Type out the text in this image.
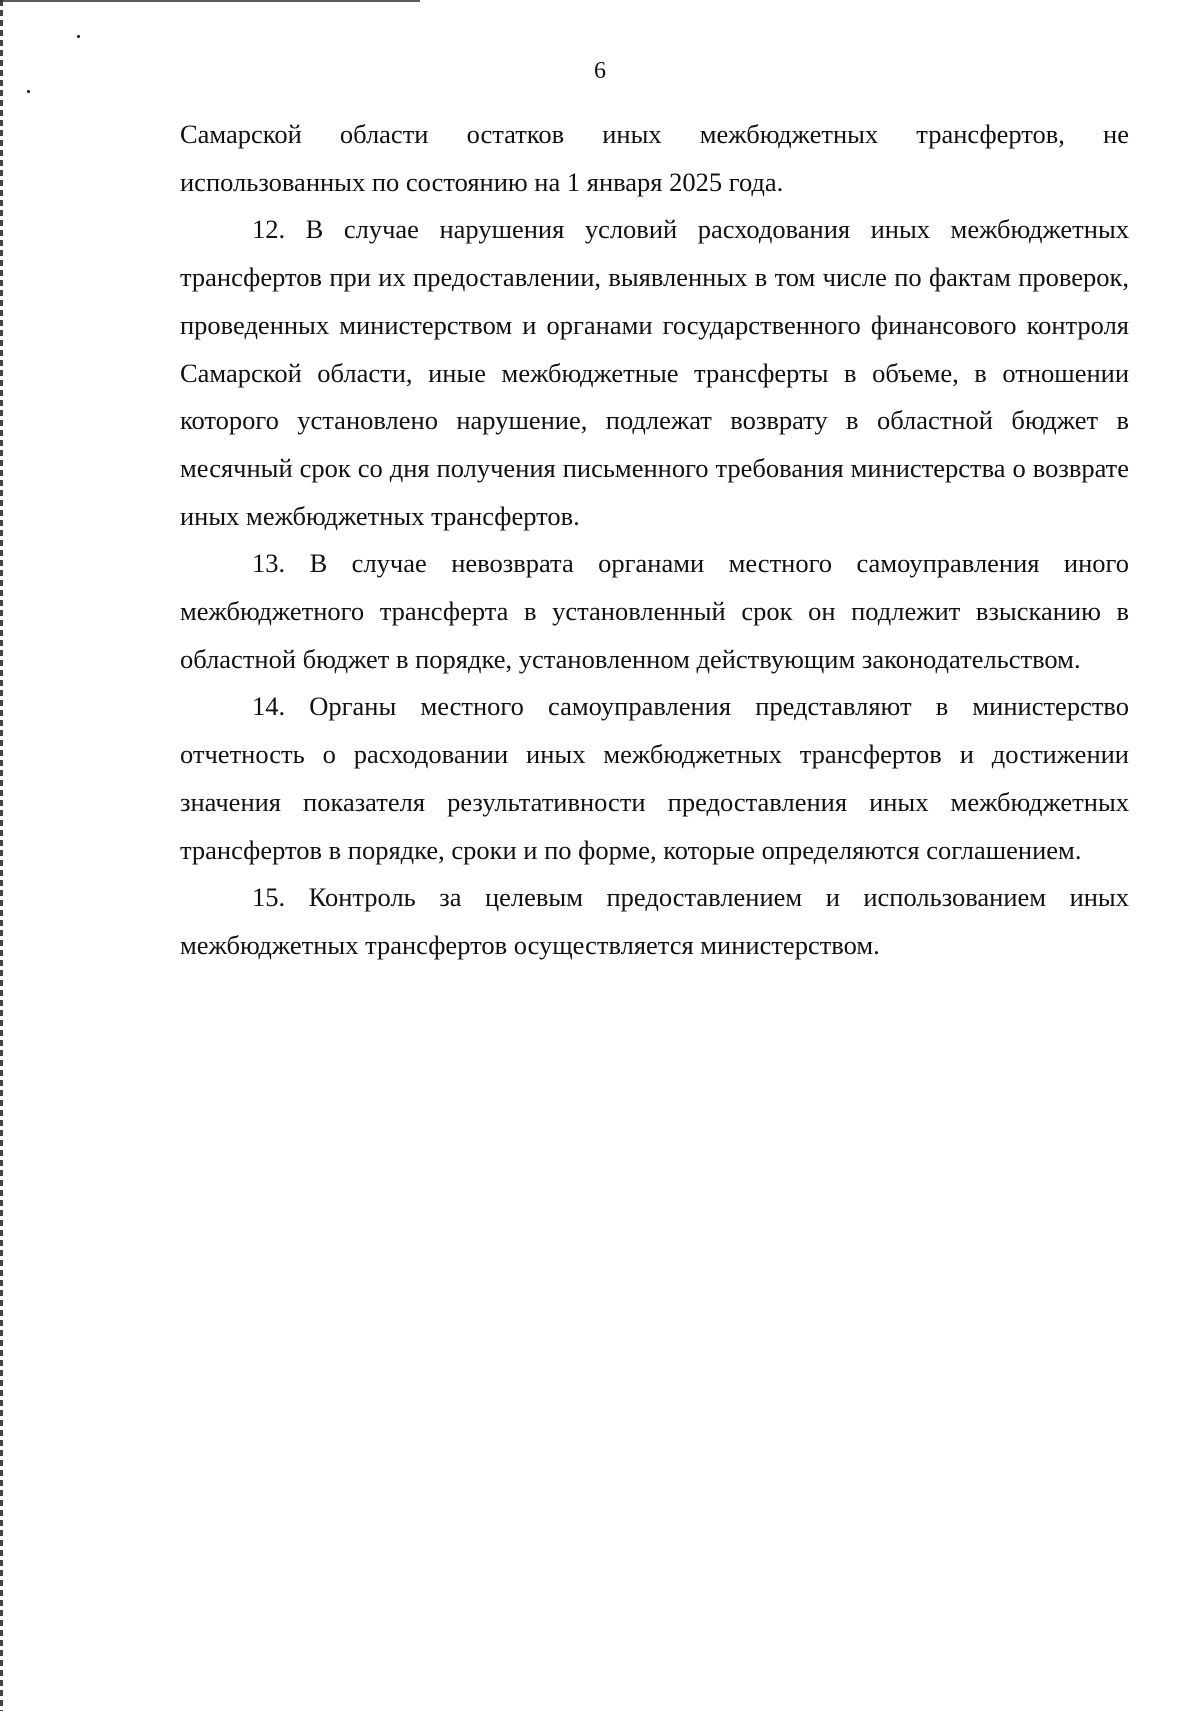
6

Самарской области остатков иных межбюджетных трансфертов, не использованных по состоянию на 1 января 2025 года.

12. В случае нарушения условий расходования иных межбюджетных трансфертов при их предоставлении, выявленных в том числе по фактам проверок, проведенных министерством и органами государственного финансового контроля Самарской области, иные межбюджетные трансферты в объеме, в отношении которого установлено нарушение, подлежат возврату в областной бюджет в месячный срок со дня получения письменного требования министерства о возврате иных межбюджетных трансфертов.

13. В случае невозврата органами местного самоуправления иного межбюджетного трансферта в установленный срок он подлежит взысканию в областной бюджет в порядке, установленном действующим законодательством.

14. Органы местного самоуправления представляют в министерство отчетность о расходовании иных межбюджетных трансфертов и достижении значения показателя результативности предоставления иных межбюджетных трансфертов в порядке, сроки и по форме, которые определяются соглашением.

15. Контроль за целевым предоставлением и использованием иных межбюджетных трансфертов осуществляется министерством.
